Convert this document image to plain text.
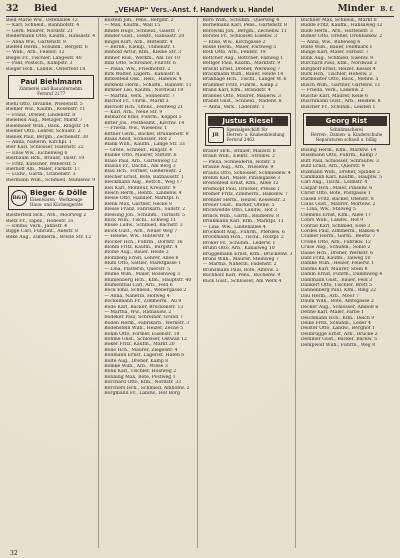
32	Bied	„VEHAP“ Vers.-Anst. f. Handwerk u. Handel	Minder B. f.
Bied Marie Ww., Ostenallee 12
— Karl, Schneid., Bahnhofstr. 4
— Gerh. Maurer, Nordstr. 21
Biedermann Otto, Kaufm., Hansastr. 4
— Anna Ww., Gartenstr. 9
Biefeld Herm., Schuhm., Bergstr. 6
— Wilh., Arb., Feldstr. 12
Biegel Fr., Tischler, Langestr. 40
— Paul, Postsch., Kampstr. 3
Bieger Hch., Landw., Osterfeld 18
Paul Biehlmann
Zimmerei und Bauunternehm.
Fernruf 2177
Biehl Otto, Invalide, Wiesenstr. 5
Biehler Ww., Kaufm., Rosenstr. 11
— Franz, Dreher, Lindenstr. 8
Bielefeld Aug., Metzger, Markt 7
Bielemeier Wilh., Bäck., Ringstr. 14
Biemer Otto, Lehrer, Schulstr. 2
Bienek Paul, Bergm., Zechenstr. 30
— Anna, Näherin, Kirchpl. 1
Bier Karl, Schlosser, Hafenstr. 22
— Elise Ww., Eichenweg 6
Bierbaum Hch., Brauer, Talstr. 19
— Fritz, Kutscher, Weberstr. 5
Bierhoff Alb., Maler, Parkstr. 17
— Ludw., Gärtn., Grabenstr. 3
Biermann Wilh., Schmied, Mühlenw. 9
B&D
Bieger & Dölle
Eisenwaren · Werkzeuge
Haus- und Küchengeräte
Biesterfeld Hch., Arb., Moorweg 2
Bietz Fr., Tapez., Hohestr. 31
— Emma, Verk., Jahnstr. 4
Bigge Carl, Fuhrunt., Auestr. 8
Bilke Aug., Zimmerm., Breite Str. 12
Bilstein Joh., Pens., Bergstr. 2
— Max, Kaufm., Wall 15
Bindel Hugo, Schneid., Gasstr. 7
Binder Gust., Elektr., Hansastr. 20
Bingel Kurt, Arb., Mittelstr. 4
— Bernh., Klemp., Ulmenstr. 1
Binhold Artur, Kfm., Kleine Str. 3
Binner Rud., Werkm., Am Tor 10
Binz Otto, Schreiner, Flurstr. 6
— Paula, Ww., Friedhofstr. 2
Birk Walter, Lagerh., Kanalstr. 8
Birkenfeld Osk., Heiz., Hafenw. 4
Birkholz Herm., Schaffn., Bahnstr. 11
Birkner Leo, Kaufm., Nordwall 19
— Martha, Verk., Sonnenstr. 7
Bischof Fr., Uhrm., Markt 3
Bischoff Hch., Ofens., Feldweg 21
— Karl, Arb., Neue Str. 9
Bismarck Emil, Fuhrm., Koppel 5
Bitter Jos., Postbeamt., Kirchw. 14
— Frieda, Ww., Wiesenw. 1
Bittner Gerh., Bäcker, Brunnenstr. 8
Blaas Adolf, Schlosser, Hof 2
Blank Wilh., Kaufm., Lange Str. 33
— Grete, Schneid., Ringstr. 4
Blanke Otto, Maurer, Stiftstr. 6
Blase Paul, Arb., Gartenweg 12
Blasius Fr., Dachd., Am Berg 3
Blau Hch., Former, Gießereistr. 2
Blecher Ernst, Bote, Rathausstr. 1
Bleckmann Aug., Böttch., Weg 17
Blei Karl, Monteur, Kreuzstr. 9
Bleich Herm., Rentn., Lindenw. 4
Bleise Otto, Händler, Marktpl. 6
Blenk Max, Gärtner, Hecke 8
Blesse Franz, Fabrikarb., Südstr. 2
Blessing Joh., Schuhm., Turmstr. 5
Blick Wilh., Tischl., Eckweg 11
Blisse Ludw., Schmied, Bachstr. 3
Block Gust., Arb., Neuer Weg 7
— Helene, Ww., Hinterstr. 9
Blöcker Hch., Fuhrm., Dorfstr. 16
Blohm Fritz, Kaufm., Burgstr. 4
Blome Aug., Bauer, Heide 2
Blomberg Ernst, Lehrer, Allee 8
Blum Otto, Sattler, Marktgasse 1
— Lina, Plätterin, Querstr. 5
Blume Wilh., Maler, Rosenweg 3
Blumenberg Hch., Kfm., Hauptstr. 40
Blumenthal Carl, Arb., Feld 6
Bock Emil, Schneid., Webergasse 2
— Anna, Näherin, Hofweg 4
Bockelmann Fr., Zimmerm., Au 9
Bode Karl, Bäcker, Brückenstr. 13
— Martha, Ww., Rathausw. 2
Bödeker Paul, Schreiner, Grund 7
Boden Herm., Fabrikarb., Werkstr. 3
Bodenstein Wilh., Heizer, Zeche 5
Böhm Otto, Former, Eisenstr. 10
Böhme Gust., Schlosser, Ostwall 12
Böker Fritz, Kaufm., Markt 20
Bölle Hch., Maurer, Ziegelstr. 4
Bollmann Ernst, Lagerist, Hafen 6
Bolte Aug., Dreher, Kamp 8
Bomke Wilh., Arb., Wiese 3
Bonk Karl, Tischler, Holzweg 2
Bönning Max, Bote, Postweg 1
Borchard Otto, Kfm., Nordstr. 33
Borchers Hch., Schmied, Amboßw. 2
Borgmann Fr., Landw., Hof Borg
Born Wilh., Schuhm., Querweg 4
Bornemann Karl, Pens., Gartenstr. 8
Borowski Joh., Bergm., Zechenw. 11
Borstel Fr., Schlosser, Eisenw. 3
— Elise, Ww., Kirchgasse 2
Bosse Herm., Maler, Farbweg 5
Both Otto, Arb., Feldstr. 19
Böttcher Aug., Böttcher, Faßweg 1
Böttger Paul, Kaufm., Marktstr. 9
Bracht Ernst, Dreher, Werkweg 7
Brackmann Wilh., Bauer, Heide 14
Brakhage Hch., Tischl., Langer W. 6
Brammer Fritz, Fuhrm., Kamp 2
Brand Karl, Kfm., Brandstr. 4
Brandes Otto, Maurer, Mauerw. 3
Brandt Gust., Schneid., Nadelw. 8
— Anna, Verk., Ladenstr. 1
Justus Riesel
JR
Spezialgeschäft für
Herren- u. Knabenkleidung
Fernruf 2463
Brauer Hch., Brauer, Malzstr. 6
Braun Wilh., Elektr., Stromw. 2
— Paula, Schneiderin, Hofstr. 5
Braune Aug., Arb., Wiesenw. 9
Brauns Otto, Schlosser, Schmiedew. 4
Brehm Karl, Maler, Pinselgasse 3
Breitenfeld Ernst, Kfm., Allee 12
Breitkopf Paul, Drucker, Presse 1
Bremer Fritz, Zimmerm., Balkenw. 7
Brenner Herm., Heizer, Kesselstr. 2
Breuer Gust., Bäcker, Ofenw. 5
Brickwedde Otto, Landw., Hof 3
Brinck Wilh., Gärtn., Blumenw. 8
Brinkmann Karl, Kfm., Marktpl. 11
— Lina, Ww., Lindenallee 4
Brockhoff Aug., Fuhrm., Pferdew. 6
Brockmann Hch., Tischl., Holzpl. 2
Bröker Fr., Schuhm., Lederw. 1
Bruhn Otto, Arb., Kanalweg 10
Brüggemann Ernst, Kfm., Brückenw. 3
Bruns Wilh., Maurer, Steinweg 7
— Martha, Näherin, Fadenstr. 2
Brunsmann Paul, Bote, Amtsw. 5
Buchholz Karl, Pens., Buchenw. 9
Buck Gust., Schlosser, Am Werk 4
Büchner Max, Schneid., Markt 8
Budde Fritz, Kaufm., Hansaweg 12
Bude Herm., Arb., Hüttenstr. 3
Bühler Otto, Dreher, Drehbankw. 2
— Anna, Ww., Ruheweg 6
Bülte Wilh., Bauer, Feldmark 1
Bunge Karl, Maler, Farbstr. 7
Bunk Aug., Schmied, Eisenw. 9
Burchard Paul, Kfm., Nordwall 2
Burghoff Ernst, Heizer, Kessel 4
Burk Hch., Tischler, Hobelw. 3
Burmeister Otto, Bäck., Mehlw. 5
Busch Wilh., Gärtner, Gartenw. 11
— Frieda, Verk., Ladenw. 2
Busche Karl, Maurer, Kelle 6
Buschmann Gust., Arb., Heidew. 8
Büscher Fr., Schuhm., Leisten 1
Georg Rist
Schuhmacherei
Herren-, Damen- u. Kinderschuhe
Reparaturen schnell u. billig
Büsing Herm., Kfm., Marktw. 14
Bussmann Otto, Fuhrm., Kamp 7
Butt Paul, Schlosser, Schraubw. 3
Butz Ernst, Arb., Querstr. 9
Buxmann Wilh., Dreher, Spindel 2
Cammann Karl, Kaufm., Hauptw. 5
Carl Aug., Tischl., Leimstr. 4
Caspar Hch., Maler, Pinselw. 6
Christ Otto, Bote, Postgasse 1
Clasen Fritz, Bäcker, Ofenstr. 8
Claus Gust., Maurer, Mörtelw. 2
— Lina, Ww., Stillweg 5
Clemens Ernst, Kfm., Allee 17
Cohrs Wilh., Landw., Hof 9
Conrad Karl, Schmied, Esse 3
Cordes Paul, Zimmerm., Balken 4
Cramer Herm., Gärtn., Beetw. 7
Crome Otto, Arb., Fabrikw. 12
Cruse Aug., Schuhm., Sohle 2
Daase Hch., Dreher, Werkstr. 6
Dahl Fritz, Kaufm., Talweg 10
Dahlke Wilh., Heizer, Feuerw. 1
Dahms Karl, Maurer, Stein 8
Damm Ernst, Fuhrm., Dammweg 4
Dammann Gust., Bauer, Feld 3
Dankert Otto, Tischler, Brett 5
Dannenberg Paul, Kfm., Ring 22
Dau Herm., Arb., Moor 7
Daum Wilh., Bote, Amtsgasse 2
Decker Aug., Schlosser, Amboß 6
Dehne Karl, Maler, Farbe 1
Deichmann Hch., Kfm., Deich 9
Deike Fritz, Schuhm., Leder 4
Deister Otto, Landw., Berghof 1
Dellbrügge Ernst, Arb., Brücke 2
Demmer Gust., Bäcker, Backw. 5
Dempwolf Wilh., Fuhrm., Weg 8
32
